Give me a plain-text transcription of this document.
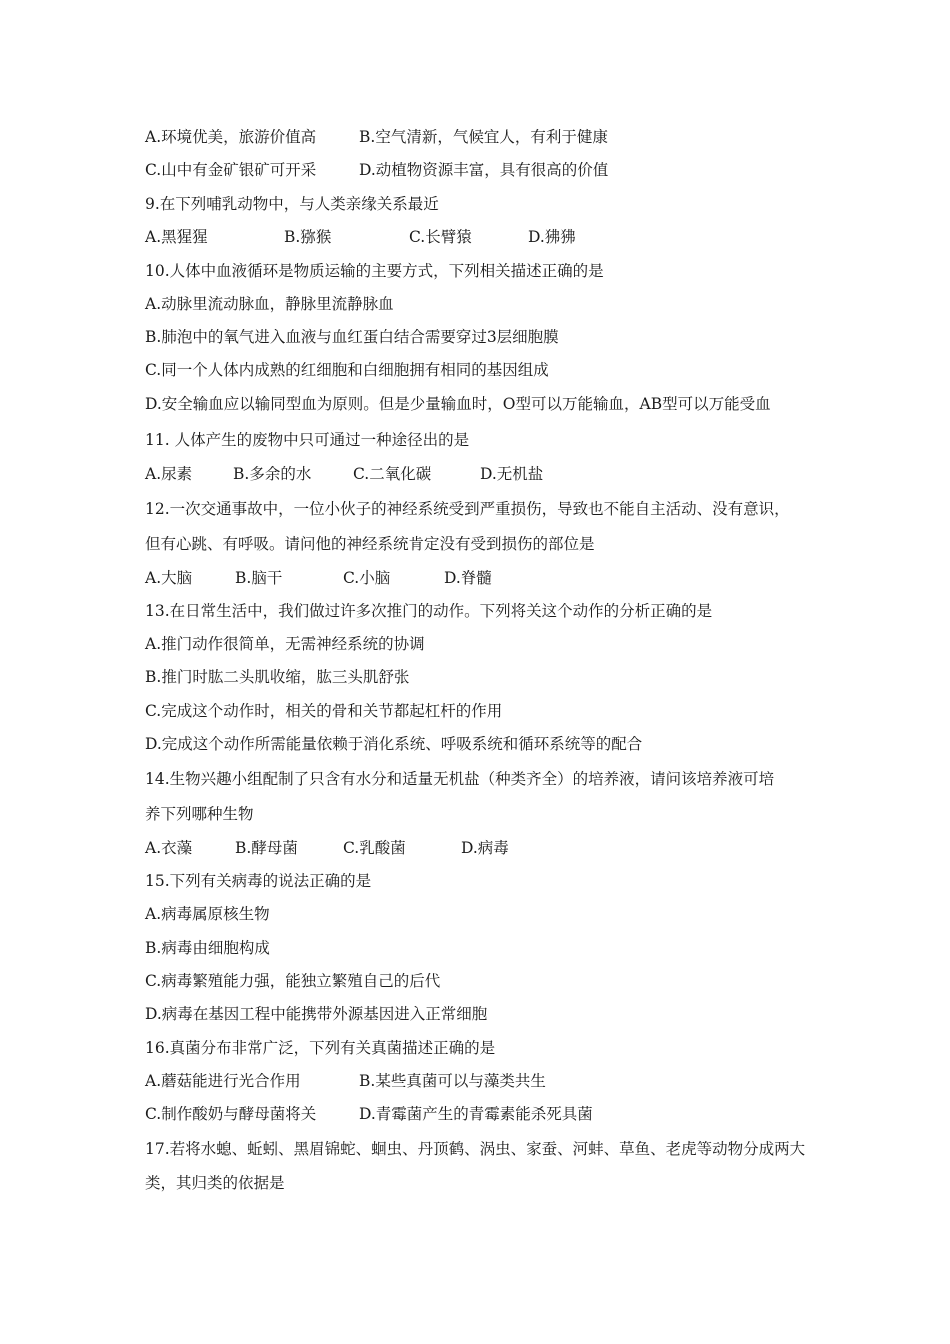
A.环境优美，旅游价值高	B.空气清新，气候宜人，有利于健康
C.山中有金矿银矿可开采	D.动植物资源丰富，具有很高的价值
9.在下列哺乳动物中，与人类亲缘关系最近
A.黑猩猩	B.猕猴	C.长臂猿	D.狒狒
10.人体中血液循环是物质运输的主要方式，下列相关描述正确的是
A.动脉里流动脉血，静脉里流静脉血
B.肺泡中的氧气进入血液与血红蛋白结合需要穿过3层细胞膜
C.同一个人体内成熟的红细胞和白细胞拥有相同的基因组成
D.安全输血应以输同型血为原则。但是少量输血时，O型可以万能输血，AB型可以万能受血
11. 人体产生的废物中只可通过一种途径出的是
A.尿素	B.多余的水	C.二氧化碳	D.无机盐
12.一次交通事故中，一位小伙子的神经系统受到严重损伤，导致也不能自主活动、没有意识，
但有心跳、有呼吸。请问他的神经系统肯定没有受到损伤的部位是
A.大脑	B.脑干	C.小脑	D.脊髓
13.在日常生活中，我们做过许多次推门的动作。下列将关这个动作的分析正确的是
A.推门动作很简单，无需神经系统的协调
B.推门时肱二头肌收缩，肱三头肌舒张
C.完成这个动作时，相关的骨和关节都起杠杆的作用
D.完成这个动作所需能量依赖于消化系统、呼吸系统和循环系统等的配合
14.生物兴趣小组配制了只含有水分和适量无机盐（种类齐全）的培养液，请问该培养液可培
养下列哪种生物
A.衣藻	B.酵母菌	C.乳酸菌	D.病毒
15.下列有关病毒的说法正确的是
A.病毒属原核生物
B.病毒由细胞构成
C.病毒繁殖能力强，能独立繁殖自己的后代
D.病毒在基因工程中能携带外源基因进入正常细胞
16.真菌分布非常广泛，下列有关真菌描述正确的是
A.蘑菇能进行光合作用	B.某些真菌可以与藻类共生
C.制作酸奶与酵母菌将关	D.青霉菌产生的青霉素能杀死具菌
17.若将水螅、蚯蚓、黑眉锦蛇、蛔虫、丹顶鹤、涡虫、家蚕、河蚌、草鱼、老虎等动物分成两大
类，其归类的依据是
